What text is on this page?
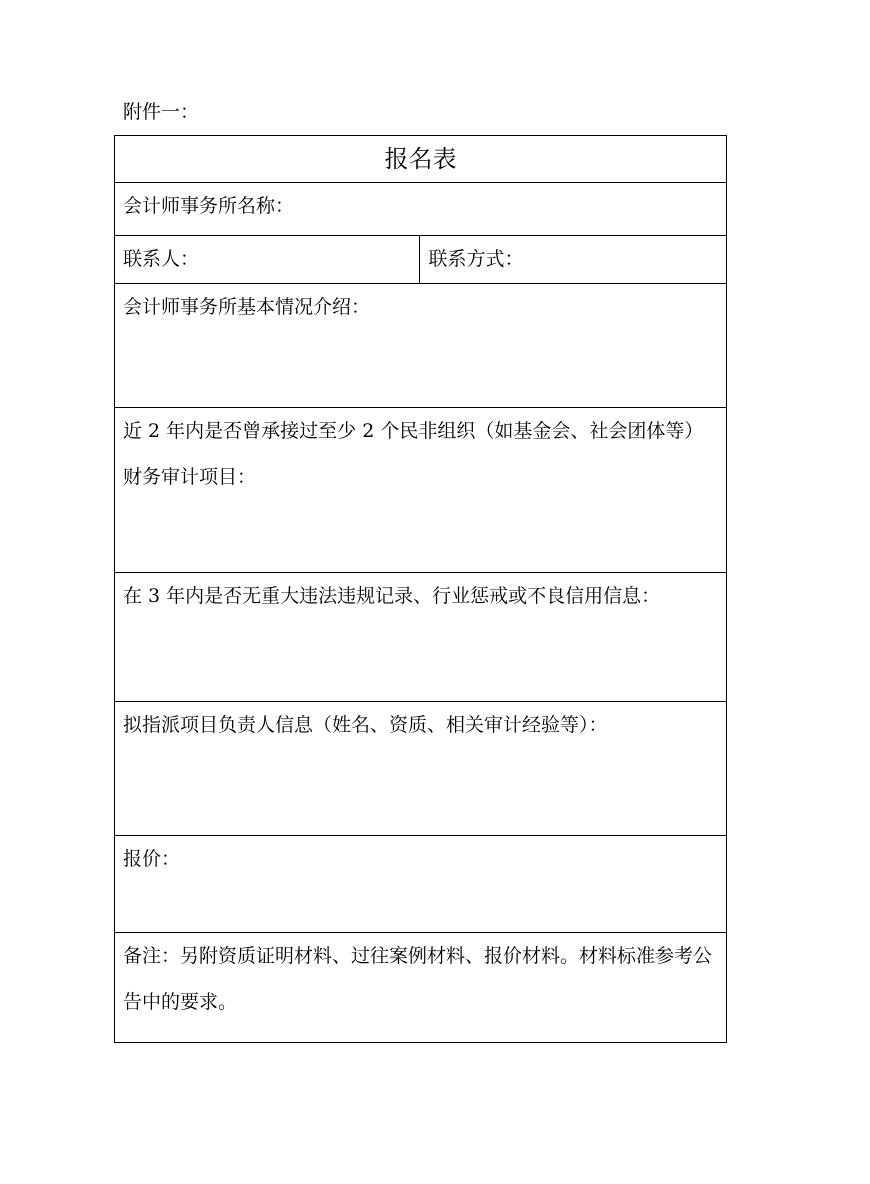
附件一：
报名表
会计师事务所名称：
联系人：	联系方式：
会计师事务所基本情况介绍：
近 2 年内是否曾承接过至少 2 个民非组织（如基金会、社会团体等）财务审计项目：
在 3 年内是否无重大违法违规记录、行业惩戒或不良信用信息：
拟指派项目负责人信息（姓名、资质、相关审计经验等）：
报价：
备注：另附资质证明材料、过往案例材料、报价材料。材料标准参考公告中的要求。
